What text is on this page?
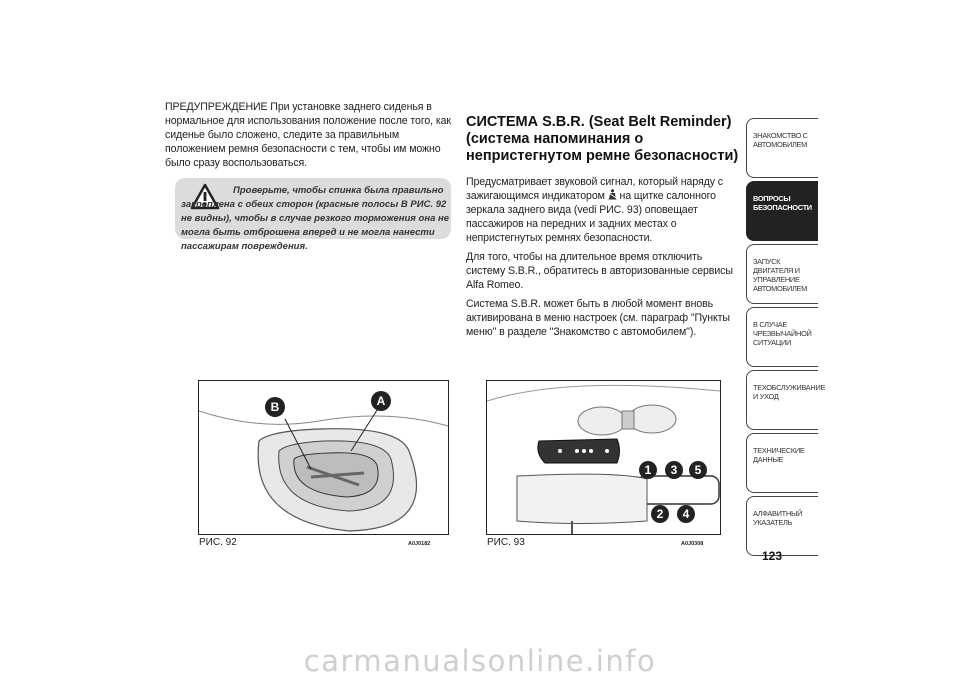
ПРЕДУПРЕЖДЕНИЕ При установке заднего сиденья в нормальное для использования положение после того, как сиденье было сложено, следите за правильным положением ремня безопасности с тем, чтобы им можно было сразу воспользоваться.

Проверьте, чтобы спинка была правильно закреплена с обеих сторон (красные полосы В РИС. 92 не видны), чтобы в случае резкого торможения она не могла быть отброшена вперед и не могла нанести пассажирам повреждения.

СИСТЕМА S.B.R. (Seat Belt Reminder) (система напоминания о непристегнутом ремне безопасности)

Предусматривает звуковой сигнал, который наряду с зажигающимся индикатором  на щитке салонного зеркала заднего вида (vedi РИС. 93) оповещает пассажиров на передних и задних местах о непристегнутых ремнях безопасности.

Для того, чтобы на длительное время отключить систему S.B.R., обратитесь в авторизованные сервисы Alfa Romeo.

Система S.B.R. может быть в любой момент вновь активирована в меню настроек (см. параграф "Пункты меню" в разделе "Знакомство с автомобилем").

B	A
РИС. 92	A0J0182
1	3	5
2	4
РИС. 93	A0J0308
ЗНАКОМСТВО С АВТОМОБИЛЕМ
ВОПРОСЫ БЕЗОПАСНОСТИ
ЗАПУСК ДВИГАТЕЛЯ И УПРАВЛЕНИЕ АВТОМОБИЛЕМ
В СЛУЧАЕ ЧРЕЗВЫЧАЙНОЙ СИТУАЦИИ
ТЕХОБСЛУЖИВАНИЕ И УХОД
ТЕХНИЧЕСКИЕ ДАННЫЕ
АЛФАВИТНЫЙ УКАЗАТЕЛЬ
123
carmanualsonline.info
